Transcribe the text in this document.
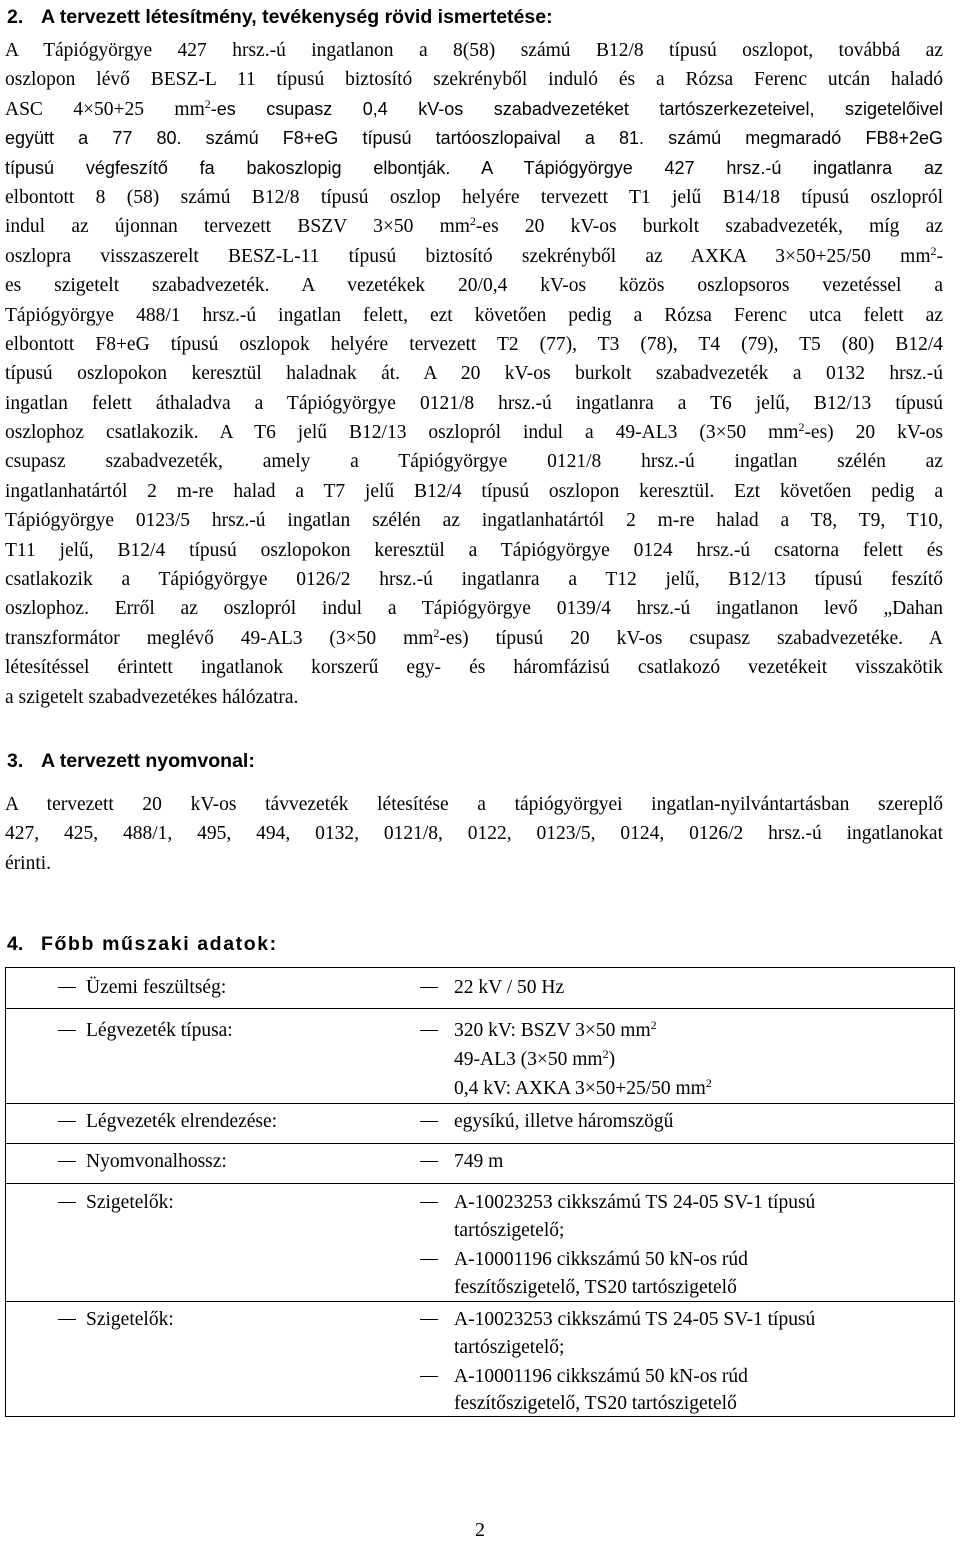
2. A tervezett létesítmény, tevékenység rövid ismertetése:
A Tápiógyörgye 427 hrsz.-ú ingatlanon a 8(58) számú B12/8 típusú oszlopot, továbbá az
oszlopon lévő BESZ-L 11 típusú biztosító szekrényből induló és a Rózsa Ferenc utcán haladó
ASC 4×50+25 $mm^2-es$ csupasz 0,4 kV-os szabadvezetéket tartószerkezeteivel, szigetelőivel
együtt a 77 80. számú F8+eG típusú tartóoszlopaival a 81. számú megmaradó FB8+2eG
típusú végfeszítő fa bakoszlopig elbontják. A Tápiógyörgye 427 hrsz.-ú ingatlanra az
elbontott 8 (58) számú B12/8 típusú oszlop helyére tervezett T1 jelű B14/18 típusú oszlopról
indul az újonnan tervezett BSZV 3×50 $mm^2-es$ 20 kV-os burkolt szabadvezeték, míg az
oszlopra visszaszerelt BESZ-L-11 típusú biztosító szekrényből az AXKA 3×50+25/50 $mm^2-$
es szigetelt szabadvezeték. A vezetékek 20/0,4 kV-os közös oszlopsoros vezetéssel a
Tápiógyörgye 488/1 hrsz.-ú ingatlan felett, ezt követően pedig a Rózsa Ferenc utca felett az
elbontott F8+eG típusú oszlopok helyére tervezett T2 (77), T3 (78), T4 (79), T5 (80) B12/4
típusú oszlopokon keresztül haladnak át. A 20 kV-os burkolt szabadvezeték a 0132 hrsz.-ú
ingatlan felett áthaladva a Tápiógyörgye 0121/8 hrsz.-ú ingatlanra a T6 jelű, B12/13 típusú
oszlophoz csatlakozik. A T6 jelű B12/13 oszlopról indul a 49-AL3 (3×50 $mm^2-es$) 20 kV-os
csupasz szabadvezeték, amely a Tápiógyörgye 0121/8 hrsz.-ú ingatlan szélén az
ingatlanhatártól 2 m-re halad a T7 jelű B12/4 típusú oszlopon keresztül. Ezt követően pedig a
Tápiógyörgye 0123/5 hrsz.-ú ingatlan szélén az ingatlanhatártól 2 m-re halad a T8, T9, T10,
T11 jelű, B12/4 típusú oszlopokon keresztül a Tápiógyörgye 0124 hrsz.-ú csatorna felett és
csatlakozik a Tápiógyörgye 0126/2 hrsz.-ú ingatlanra a T12 jelű, B12/13 típusú feszítő
oszlophoz. Erről az oszlopról indul a Tápiógyörgye 0139/4 hrsz.-ú ingatlanon levő „Dahan
transzformátor meglévő 49-AL3 (3×50 $mm^2-es$) típusú 20 kV-os csupasz szabadvezetéke. A
létesítéssel érintett ingatlanok korszerű egy- és háromfázisú csatlakozó vezetékeit visszakötik
a szigetelt szabadvezetékes hálózatra.
3. A tervezett nyomvonal:
A tervezett 20 kV-os távvezeték létesítése a tápiógyörgyei ingatlan-nyilvántartásban szereplő
427, 425, 488/1, 495, 494, 0132, 0121/8, 0122, 0123/5, 0124, 0126/2 hrsz.-ú ingatlanokat
érinti.
4. Főbb műszaki adatok:
Üzemi feszültség:	22 kV / 50 Hz
Légvezeték típusa:	320 kV: BSZV 3×50 $mm^2$
49-AL3 (3×50 $mm^2$)
0,4 kV: AXKA 3×50+25/50 $mm^2$
Légvezeték elrendezése:	egysíkú, illetve háromszögű
Nyomvonalhossz:	749 m
Szigetelők:	A-10023253 cikkszámú TS 24-05 SV-1 típusú
tartószigetelő;
A-10001196 cikkszámú 50 kN-os rúd
feszítőszigetelő, TS20 tartószigetelő
Szigetelők:	A-10023253 cikkszámú TS 24-05 SV-1 típusú
tartószigetelő;
A-10001196 cikkszámú 50 kN-os rúd
feszítőszigetelő, TS20 tartószigetelő
2
